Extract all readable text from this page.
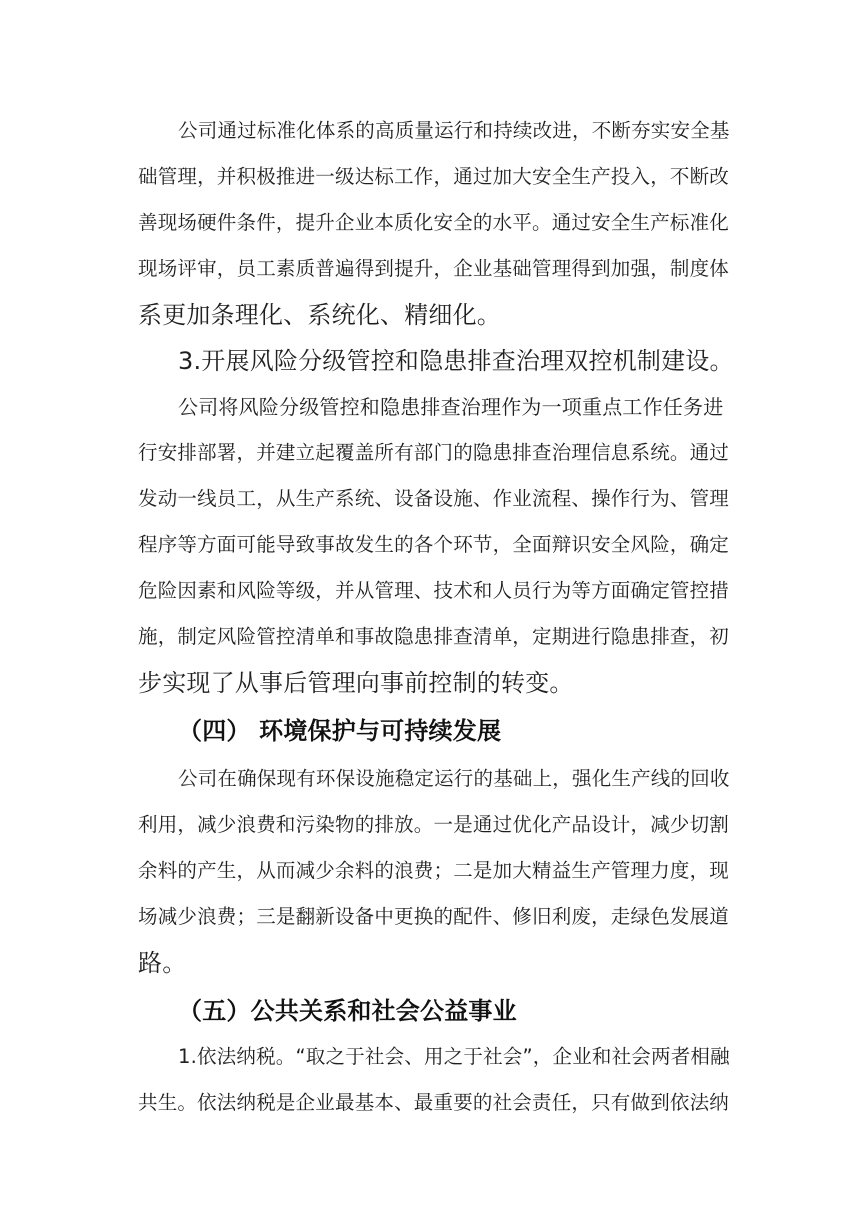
公司通过标准化体系的高质量运行和持续改进，不断夯实安全基
础管理，并积极推进一级达标工作，通过加大安全生产投入，不断改
善现场硬件条件，提升企业本质化安全的水平。通过安全生产标准化
现场评审，员工素质普遍得到提升，企业基础管理得到加强，制度体
系更加条理化、系统化、精细化。
3.开展风险分级管控和隐患排查治理双控机制建设。
公司将风险分级管控和隐患排查治理作为一项重点工作任务进
行安排部署，并建立起覆盖所有部门的隐患排查治理信息系统。通过
发动一线员工，从生产系统、设备设施、作业流程、操作行为、管理
程序等方面可能导致事故发生的各个环节，全面辩识安全风险，确定
危险因素和风险等级，并从管理、技术和人员行为等方面确定管控措
施，制定风险管控清单和事故隐患排查清单，定期进行隐患排查，初
步实现了从事后管理向事前控制的转变。
（四） 环境保护与可持续发展
公司在确保现有环保设施稳定运行的基础上，强化生产线的回收
利用，减少浪费和污染物的排放。一是通过优化产品设计，减少切割
余料的产生，从而减少余料的浪费；二是加大精益生产管理力度，现
场减少浪费；三是翻新设备中更换的配件、修旧利废，走绿色发展道
路。
（五）公共关系和社会公益事业
1.依法纳税。“取之于社会、用之于社会”，企业和社会两者相融
共生。依法纳税是企业最基本、最重要的社会责任，只有做到依法纳
